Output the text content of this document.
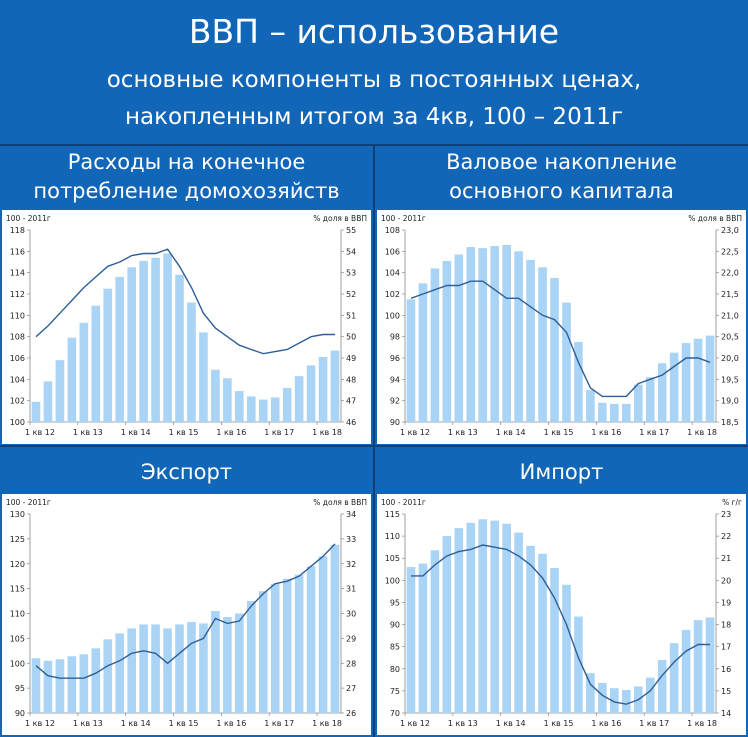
ВВП – использование
основные компоненты в постоянных ценах,
накопленным итогом за 4кв, 100 – 2011г
Расходы на конечное
потребление домохозяйств
Валовое накопление
основного капитала
Экспорт	Импорт
100 - 2011г	% доля в ВВП
100
102
104
106
108
110
112
114
116
118
46
47
48
49
50
51
52
53
54
55
1 кв 12 1 кв 13 1 кв 14 1 кв 15 1 кв 16 1 кв 17 1 кв 18
100 - 2011г	% доля в ВВП
90
92
94
96
98
100
102
104
106
108
18,5
19,0
19,5
20,0
20,5
21,0
21,5
22,0
22,5
23,0
1 кв 12 1 кв 13 1 кв 14 1 кв 15 1 кв 16 1 кв 17 1 кв 18
100 - 2011г	% доля в ВВП
90
95
100
105
110
115
120
125
130
26
27
28
29
30
31
32
33
34
1 кв 12 1 кв 13 1 кв 14 1 кв 15 1 кв 16 1 кв 17 1 кв 18
100 - 2011г	% г/г
70
75
80
85
90
95
100
105
110
115
14
15
16
17
18
19
20
21
22
23
1 кв 12 1 кв 13 1 кв 14 1 кв 15 1 кв 16 1 кв 17 1 кв 18
